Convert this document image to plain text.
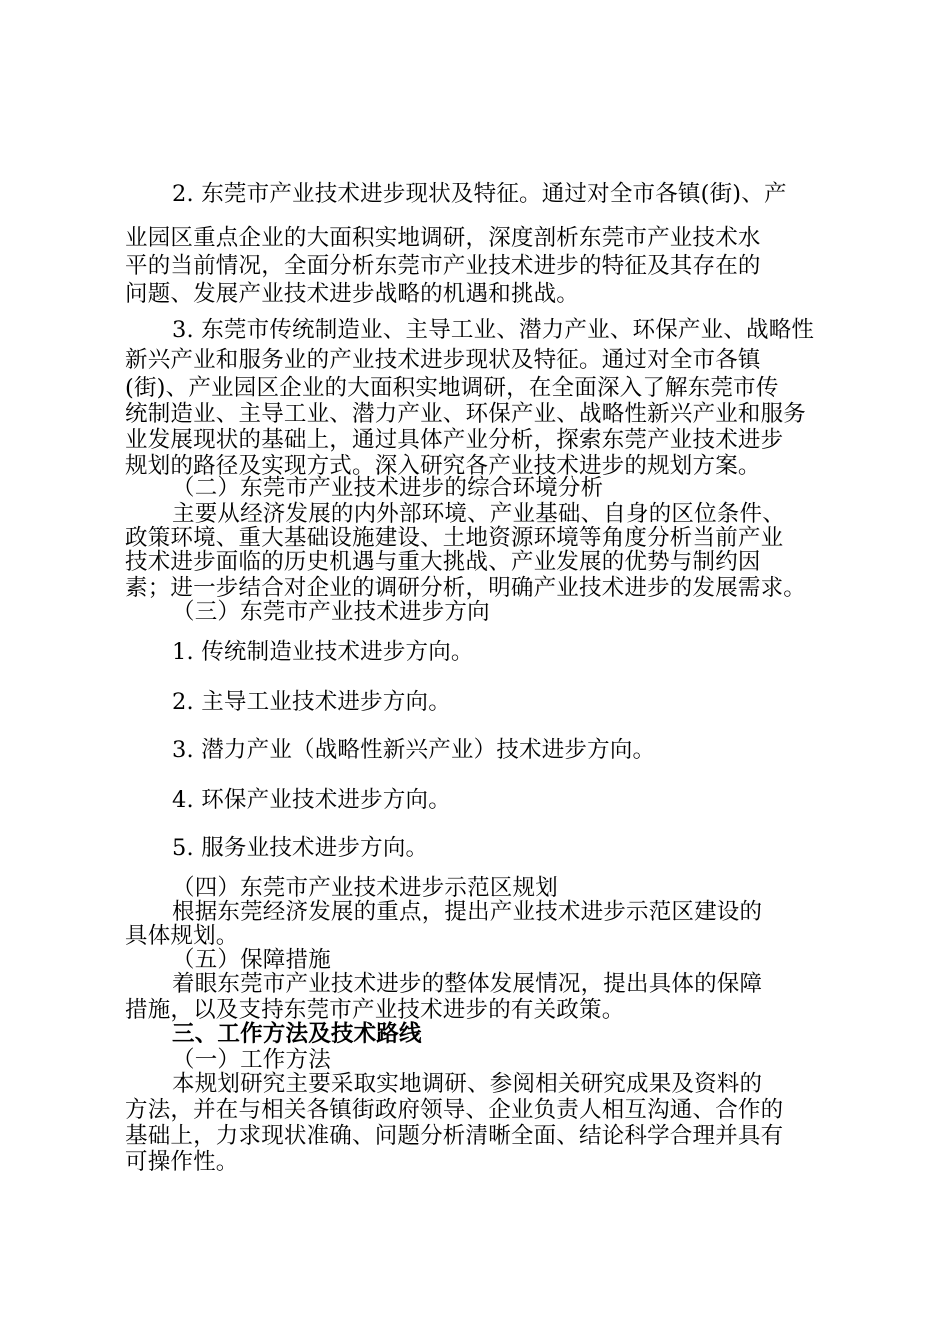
2. 东莞市产业技术进步现状及特征。通过对全市各镇(街)、产
业园区重点企业的大面积实地调研，深度剖析东莞市产业技术水
平的当前情况，全面分析东莞市产业技术进步的特征及其存在的
问题、发展产业技术进步战略的机遇和挑战。
3. 东莞市传统制造业、主导工业、潜力产业、环保产业、战略性
新兴产业和服务业的产业技术进步现状及特征。通过对全市各镇
(街)、产业园区企业的大面积实地调研，在全面深入了解东莞市传
统制造业、主导工业、潜力产业、环保产业、战略性新兴产业和服务
业发展现状的基础上，通过具体产业分析，探索东莞产业技术进步
规划的路径及实现方式。深入研究各产业技术进步的规划方案。
（二）东莞市产业技术进步的综合环境分析
主要从经济发展的内外部环境、产业基础、自身的区位条件、
政策环境、重大基础设施建设、土地资源环境等角度分析当前产业
技术进步面临的历史机遇与重大挑战、产业发展的优势与制约因
素；进一步结合对企业的调研分析，明确产业技术进步的发展需求。
（三）东莞市产业技术进步方向
1. 传统制造业技术进步方向。
2. 主导工业技术进步方向。
3. 潜力产业（战略性新兴产业）技术进步方向。
4. 环保产业技术进步方向。
5. 服务业技术进步方向。
（四）东莞市产业技术进步示范区规划
根据东莞经济发展的重点，提出产业技术进步示范区建设的
具体规划。
（五）保障措施
着眼东莞市产业技术进步的整体发展情况，提出具体的保障
措施，以及支持东莞市产业技术进步的有关政策。
三、工作方法及技术路线
（一）工作方法
本规划研究主要采取实地调研、参阅相关研究成果及资料的
方法，并在与相关各镇街政府领导、企业负责人相互沟通、合作的
基础上，力求现状准确、问题分析清晰全面、结论科学合理并具有
可操作性。
